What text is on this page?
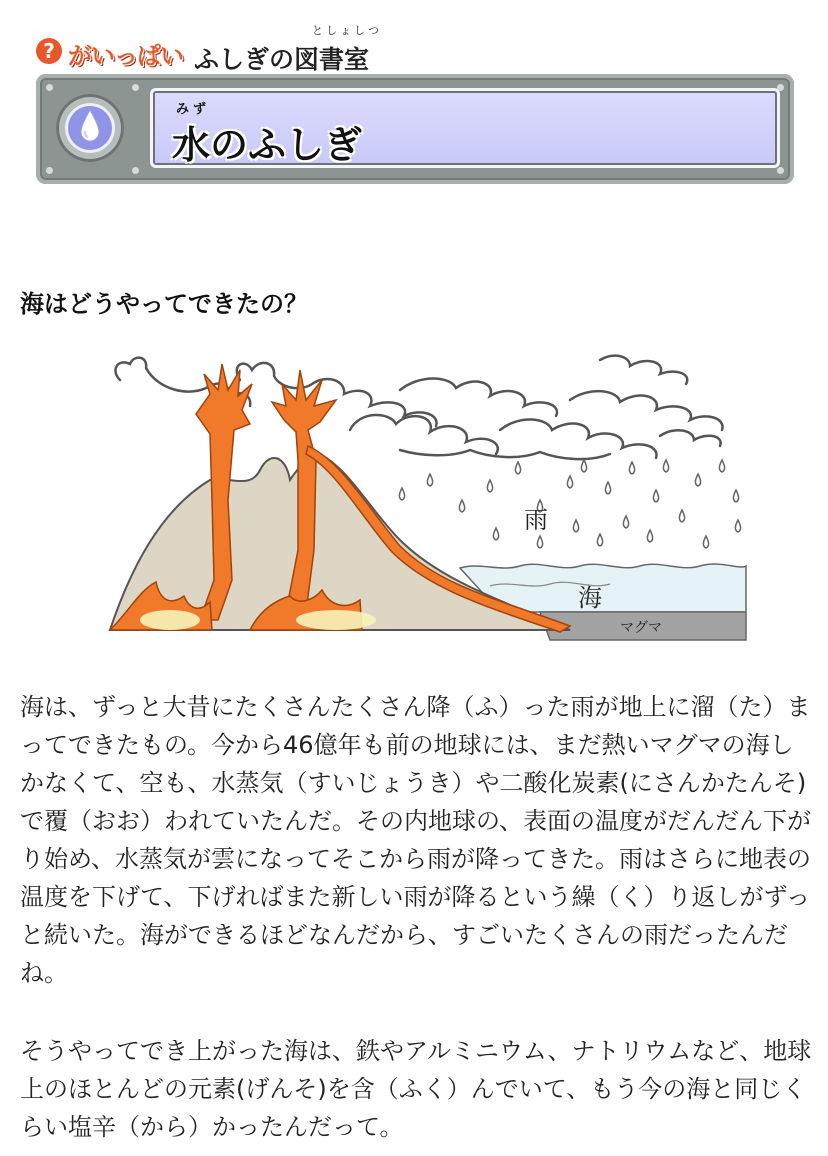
? がいっぱい
としょしつ
ふしぎの図書室
みず
水のふしぎ
海はどうやってできたの？
雨
海
マグマ

海は、ずっと大昔にたくさんたくさん降（ふ）った雨が地上に溜（た）まってできたもの。今から46億年も前の地球には、まだ熱いマグマの海しかなくて、空も、水蒸気（すいじょうき）や二酸化炭素(にさんかたんそ)で覆（おお）われていたんだ。その内地球の、表面の温度がだんだん下がり始め、水蒸気が雲になってそこから雨が降ってきた。雨はさらに地表の温度を下げて、下げればまた新しい雨が降るという繰（く）り返しがずっと続いた。海ができるほどなんだから、すごいたくさんの雨だったんだね。

そうやってでき上がった海は、鉄やアルミニウム、ナトリウムなど、地球上のほとんどの元素(げんそ)を含（ふく）んでいて、もう今の海と同じくらい塩辛（から）かったんだって。
